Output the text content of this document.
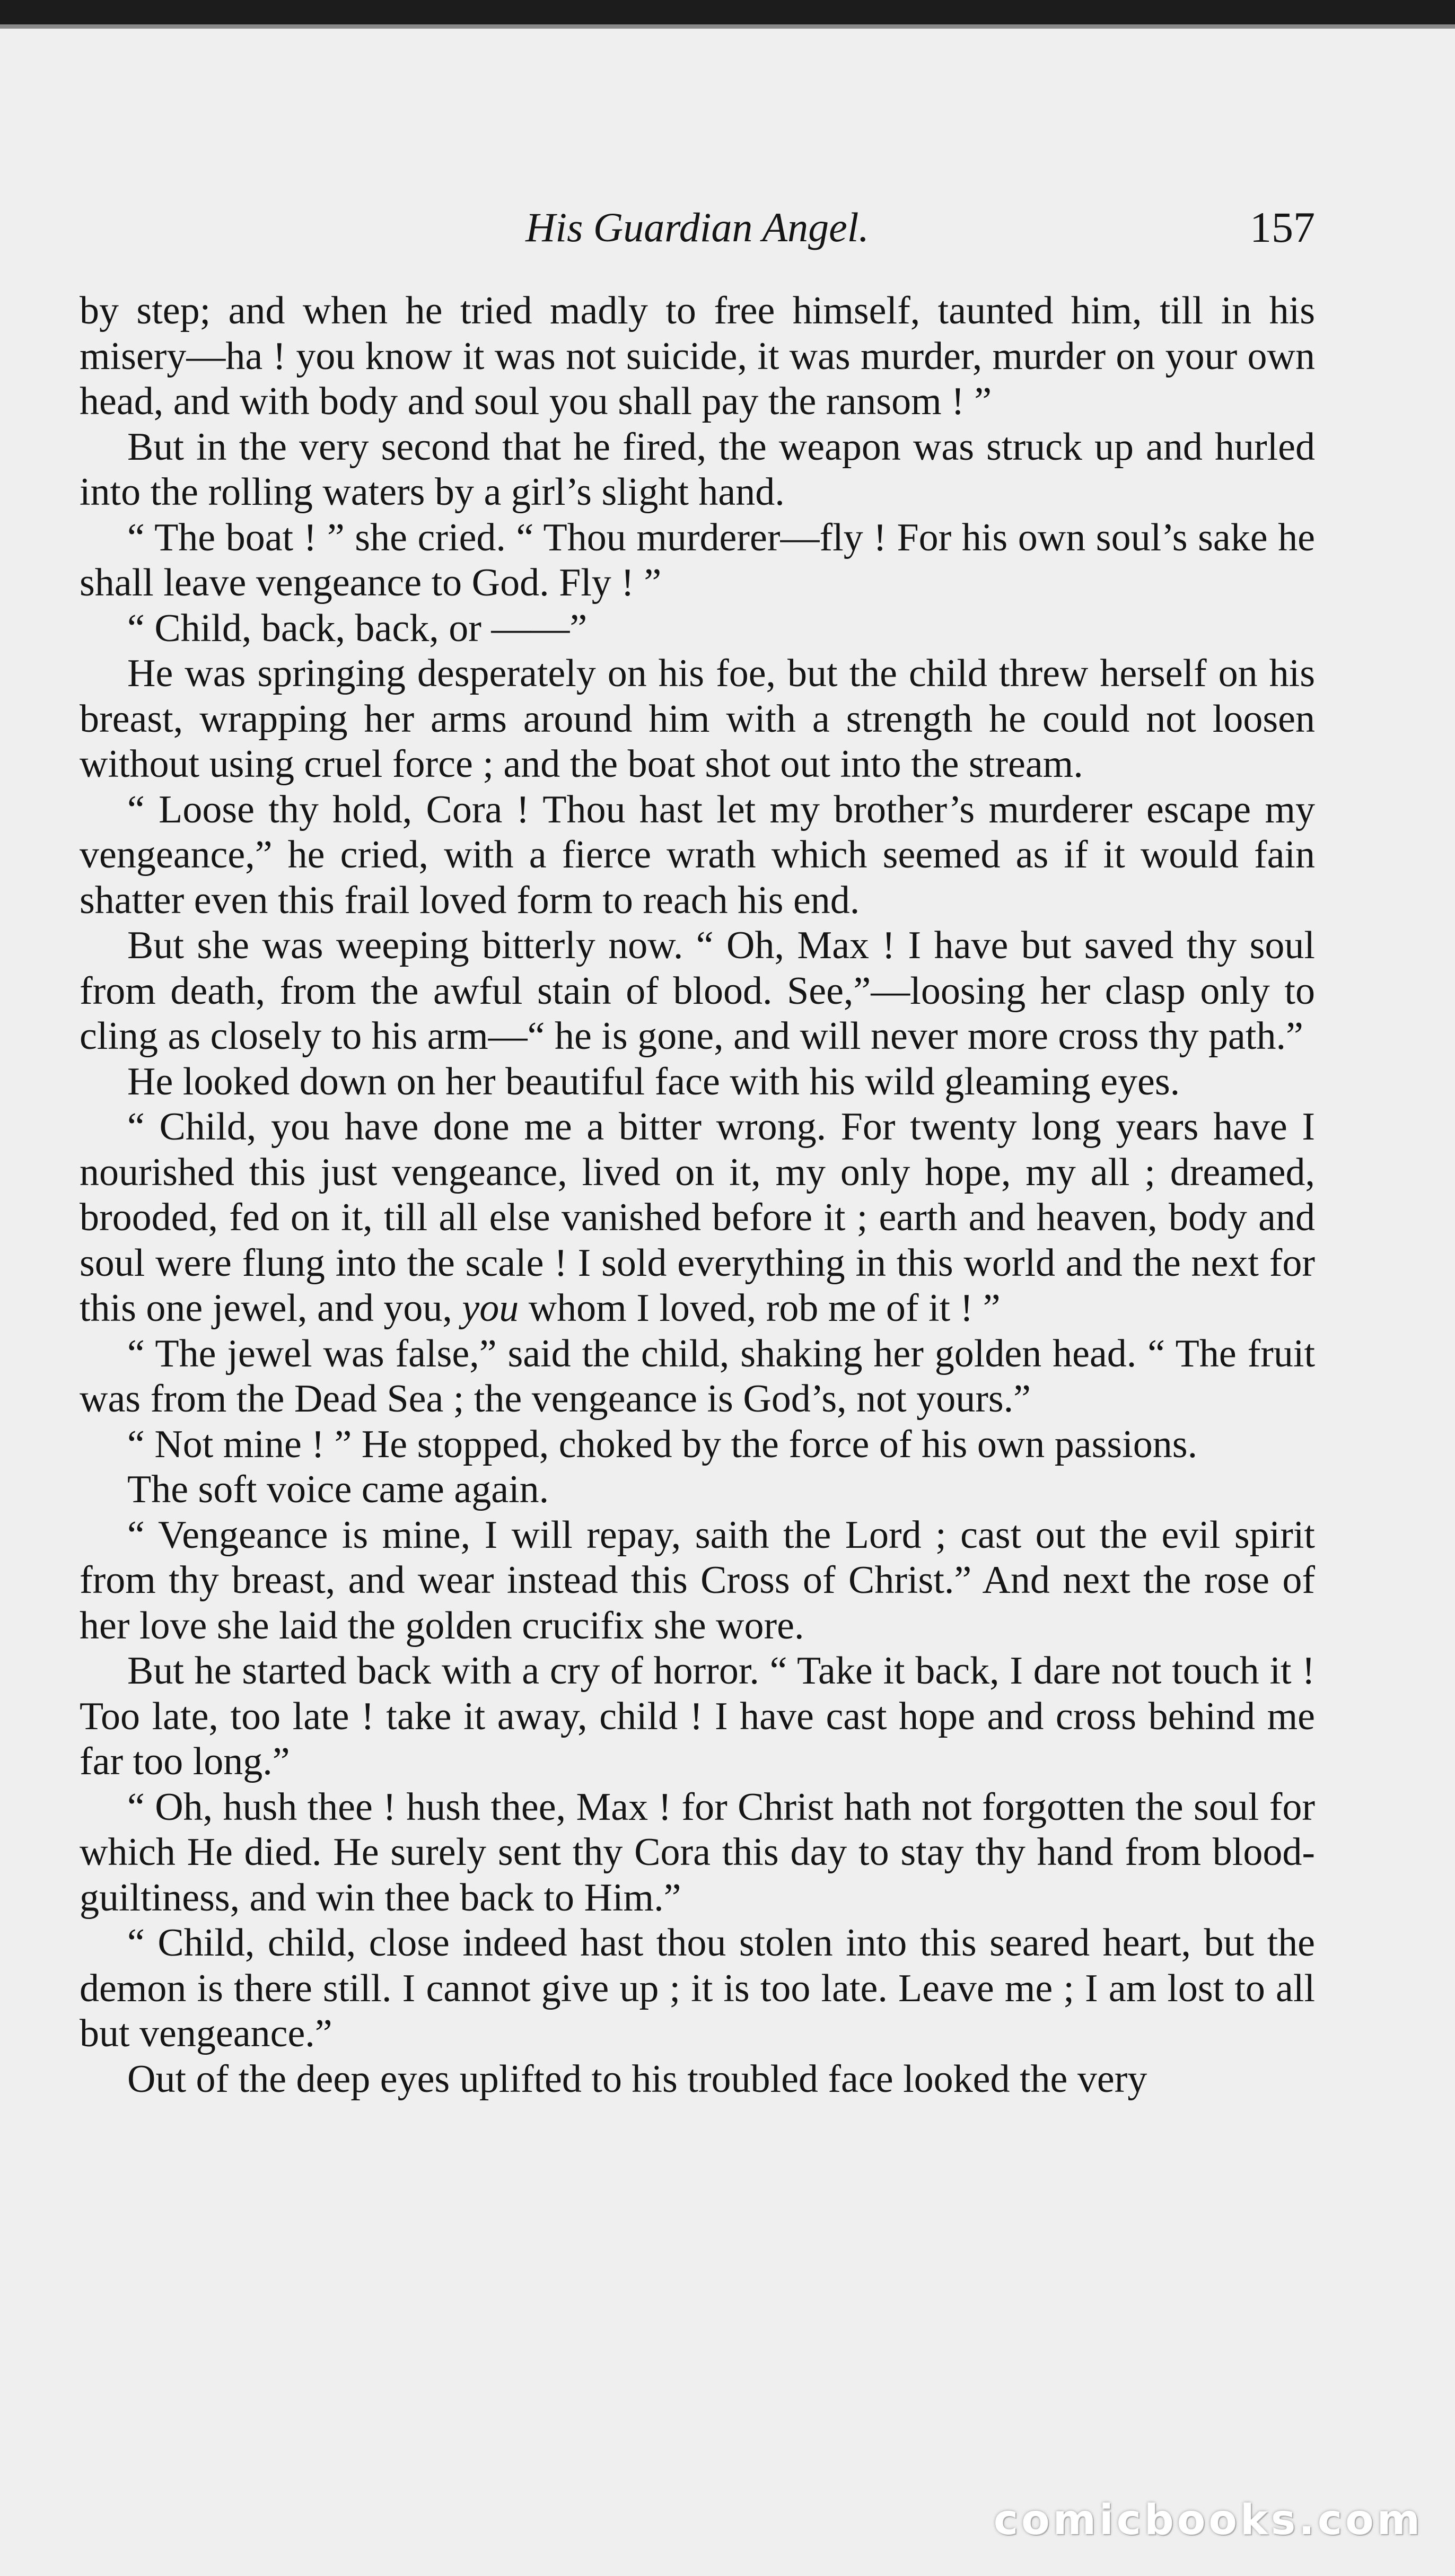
His Guardian Angel.	157

by step; and when he tried madly to free himself, taunted him, till in his misery—ha ! you know it was not suicide, it was murder, murder on your own head, and with body and soul you shall pay the ransom ! ”

But in the very second that he fired, the weapon was struck up and hurled into the rolling waters by a girl’s slight hand.

“ The boat ! ” she cried. “ Thou murderer—fly ! For his own soul’s sake he shall leave vengeance to God. Fly ! ”

“ Child, back, back, or ——”

He was springing desperately on his foe, but the child threw herself on his breast, wrapping her arms around him with a strength he could not loosen without using cruel force ; and the boat shot out into the stream.

“ Loose thy hold, Cora ! Thou hast let my brother’s murderer escape my vengeance,” he cried, with a fierce wrath which seemed as if it would fain shatter even this frail loved form to reach his end.

But she was weeping bitterly now. “ Oh, Max ! I have but saved thy soul from death, from the awful stain of blood. See,”—loosing her clasp only to cling as closely to his arm—“ he is gone, and will never more cross thy path.”

He looked down on her beautiful face with his wild gleaming eyes.

“ Child, you have done me a bitter wrong. For twenty long years have I nourished this just vengeance, lived on it, my only hope, my all ; dreamed, brooded, fed on it, till all else vanished before it ; earth and heaven, body and soul were flung into the scale ! I sold everything in this world and the next for this one jewel, and you, you whom I loved, rob me of it ! ”

“ The jewel was false,” said the child, shaking her golden head. “ The fruit was from the Dead Sea ; the vengeance is God’s, not yours.”

“ Not mine ! ” He stopped, choked by the force of his own passions.

The soft voice came again.

“ Vengeance is mine, I will repay, saith the Lord ; cast out the evil spirit from thy breast, and wear instead this Cross of Christ.” And next the rose of her love she laid the golden crucifix she wore.

But he started back with a cry of horror. “ Take it back, I dare not touch it ! Too late, too late ! take it away, child ! I have cast hope and cross behind me far too long.”

“ Oh, hush thee ! hush thee, Max ! for Christ hath not forgotten the soul for which He died. He surely sent thy Cora this day to stay thy hand from blood-guiltiness, and win thee back to Him.”

“ Child, child, close indeed hast thou stolen into this seared heart, but the demon is there still. I cannot give up ; it is too late. Leave me ; I am lost to all but vengeance.”

Out of the deep eyes uplifted to his troubled face looked the very

comicbooks.com
